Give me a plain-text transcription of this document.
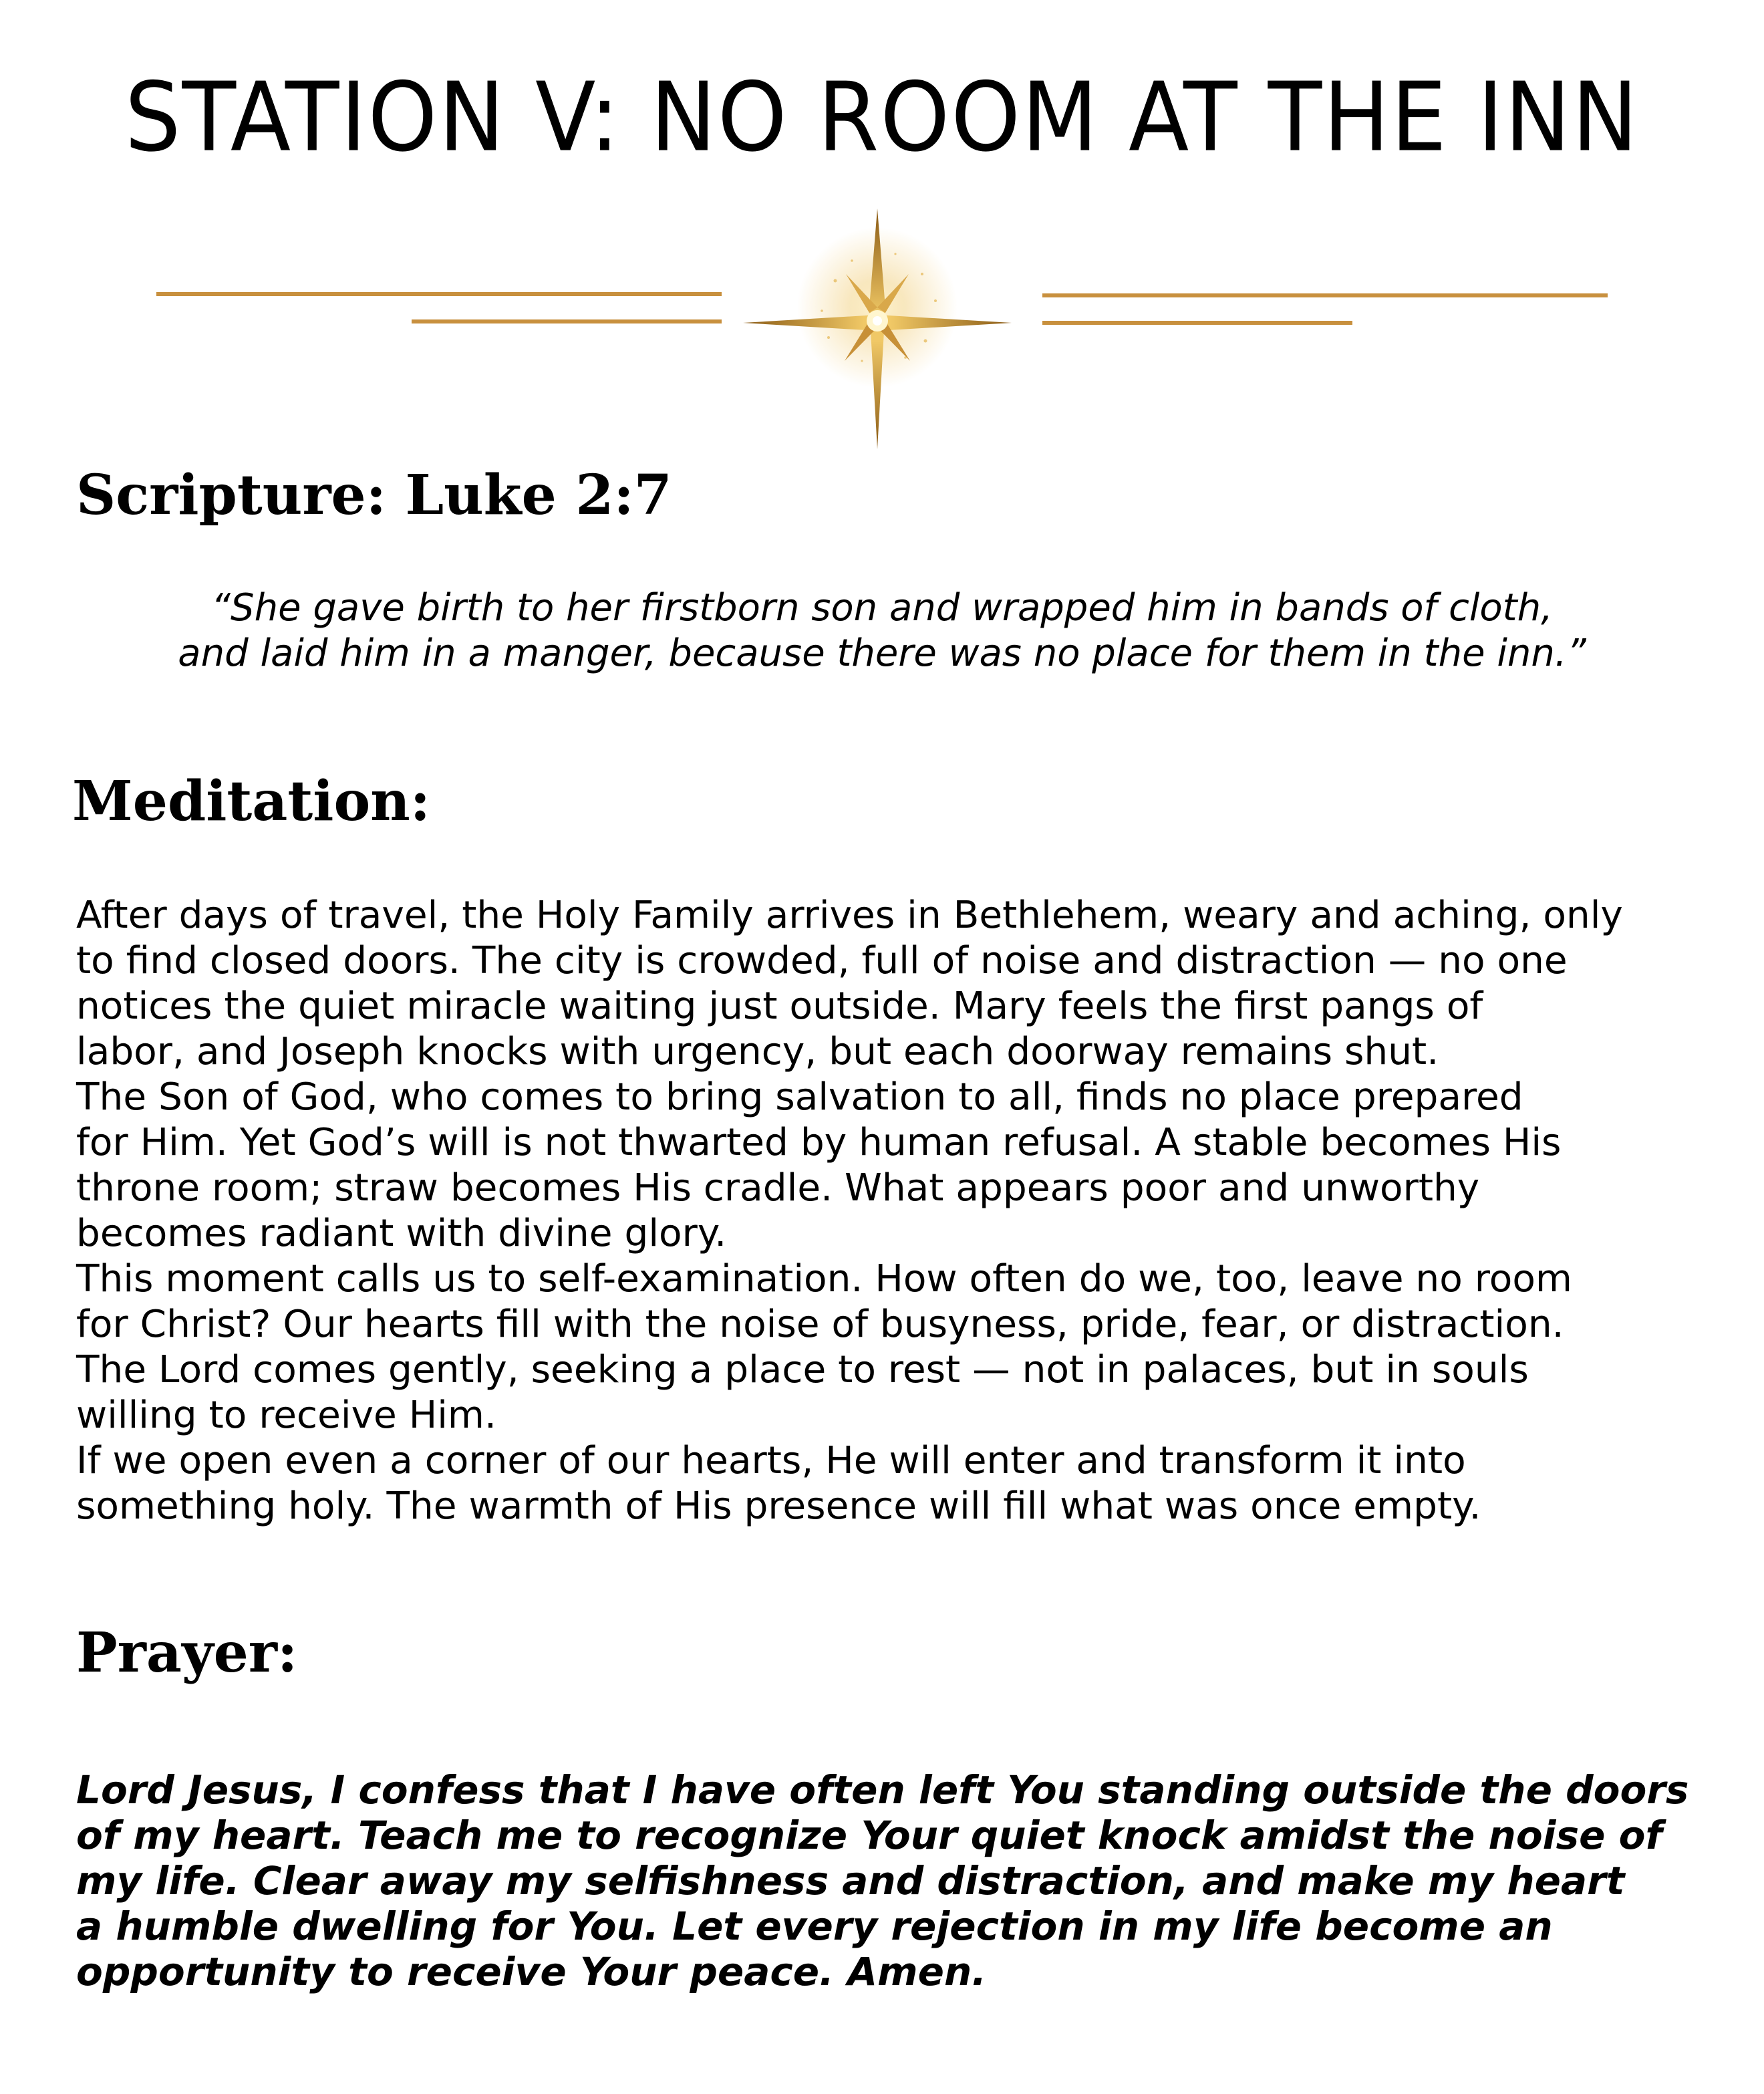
STATION V: NO ROOM AT THE INN
Scripture: Luke 2:7

“She gave birth to her firstborn son and wrapped him in bands of cloth,
and laid him in a manger, because there was no place for them in the inn.”

Meditation:
After days of travel, the Holy Family arrives in Bethlehem, weary and aching, only
to find closed doors. The city is crowded, full of noise and distraction — no one
notices the quiet miracle waiting just outside. Mary feels the first pangs of
labor, and Joseph knocks with urgency, but each doorway remains shut.
The Son of God, who comes to bring salvation to all, finds no place prepared
for Him. Yet God’s will is not thwarted by human refusal. A stable becomes His
throne room; straw becomes His cradle. What appears poor and unworthy
becomes radiant with divine glory.
This moment calls us to self-examination. How often do we, too, leave no room
for Christ? Our hearts fill with the noise of busyness, pride, fear, or distraction.
The Lord comes gently, seeking a place to rest — not in palaces, but in souls
willing to receive Him.
If we open even a corner of our hearts, He will enter and transform it into
something holy. The warmth of His presence will fill what was once empty.
Prayer:
Lord Jesus, I confess that I have often left You standing outside the doors
of my heart. Teach me to recognize Your quiet knock amidst the noise of
my life. Clear away my selfishness and distraction, and make my heart
a humble dwelling for You. Let every rejection in my life become an
opportunity to receive Your peace. Amen.
